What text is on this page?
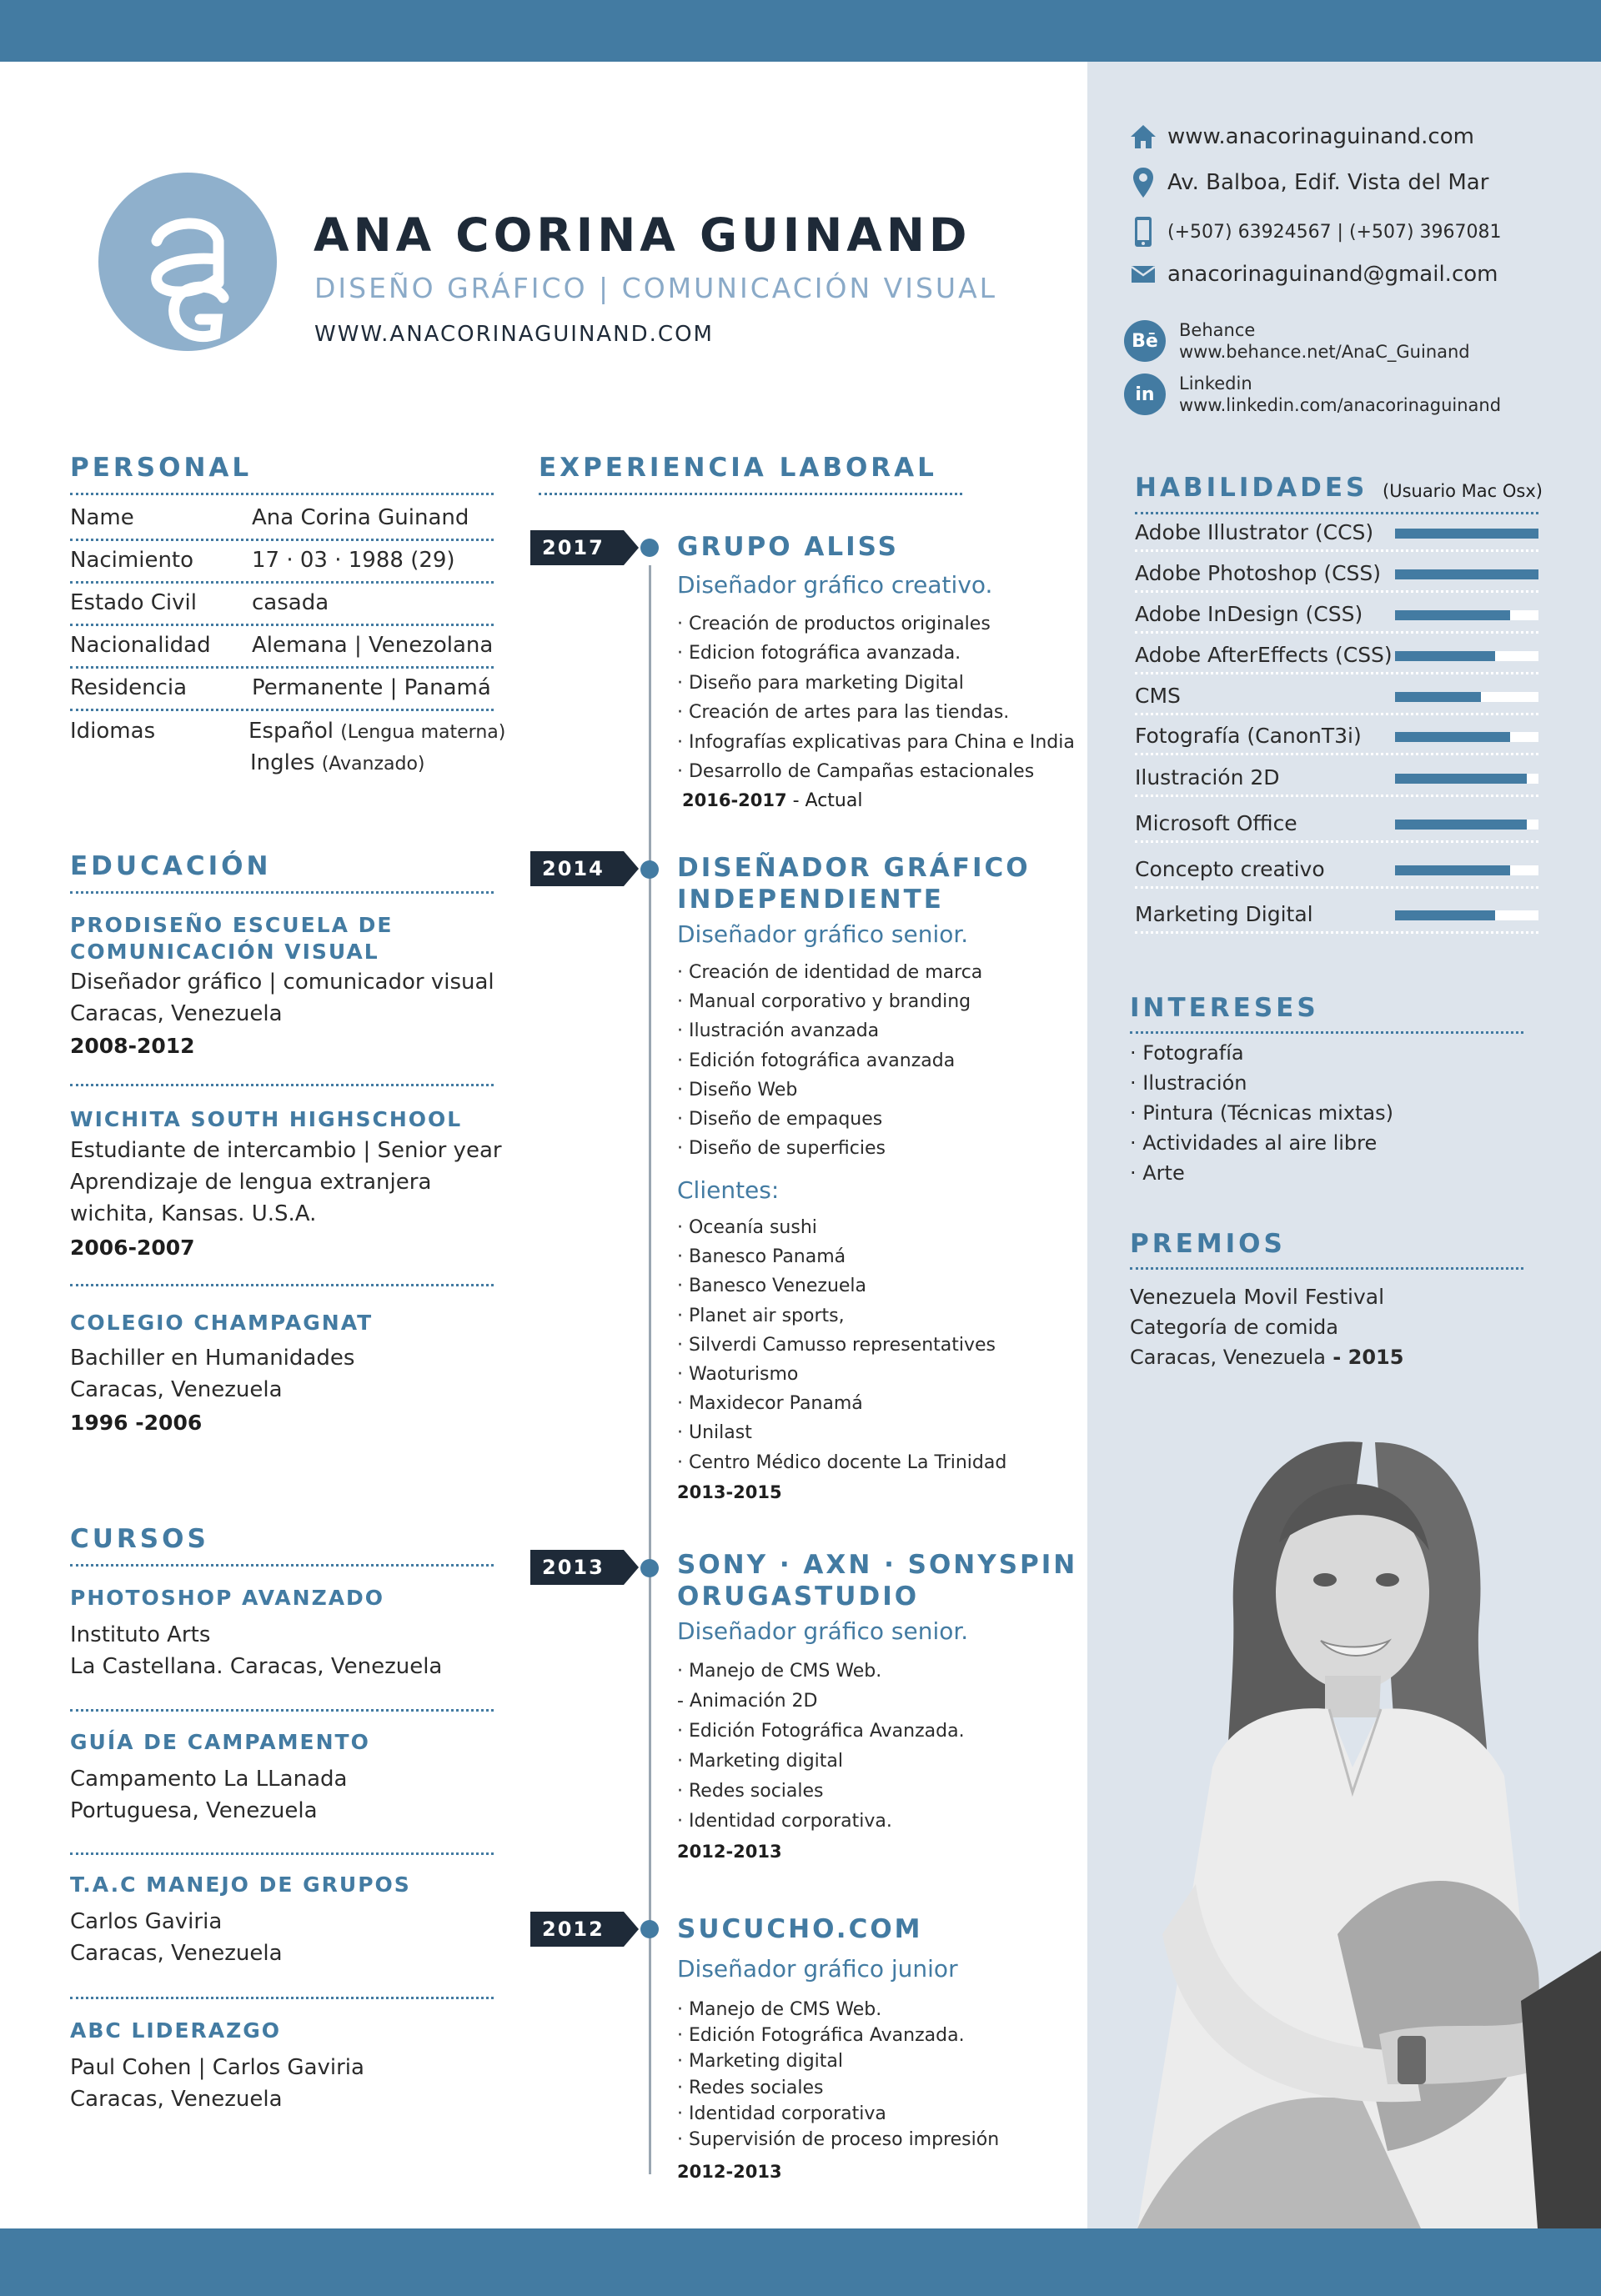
ANA CORINA GUINAND
DISEÑO GRÁFICO | COMUNICACIÓN VISUAL
WWW.ANACORINAGUINAND.COM
www.anacorinaguinand.com
Av. Balboa, Edif. Vista del Mar
(+507) 63924567 | (+507) 3967081
anacorinaguinand@gmail.com
Bē
Behance
www.behance.net/AnaC_Guinand
in
Linkedin
www.linkedin.com/anacorinaguinand
PERSONAL
Name	Ana Corina Guinand
Nacimiento	17 · 03 · 1988 (29)
Estado Civil	casada
Nacionalidad Alemana | Venezolana
Residencia	Permanente | Panamá
Idiomas	Español (Lengua materna)
Ingles (Avanzado)
EDUCACIÓN
PRODISEÑO ESCUELA DE
COMUNICACIÓN VISUAL
Diseñador gráfico | comunicador visual
Caracas, Venezuela
2008-2012
WICHITA SOUTH HIGHSCHOOL
Estudiante de intercambio | Senior year
Aprendizaje de lengua extranjera
wichita, Kansas. U.S.A.
2006-2007
COLEGIO CHAMPAGNAT
Bachiller en Humanidades
Caracas, Venezuela
1996 -2006
CURSOS
PHOTOSHOP AVANZADO
Instituto Arts
La Castellana. Caracas, Venezuela
GUÍA DE CAMPAMENTO
Campamento La LLanada
Portuguesa, Venezuela
T.A.C MANEJO DE GRUPOS
Carlos Gaviria
Caracas, Venezuela
ABC LIDERAZGO
Paul Cohen | Carlos Gaviria
Caracas, Venezuela
EXPERIENCIA LABORAL
2017	GRUPO ALISS
Diseñador gráfico creativo.
· Creación de productos originales
· Edicion fotográfica avanzada.
· Diseño para marketing Digital
· Creación de artes para las tiendas.
· Infografías explicativas para China e India
· Desarrollo de Campañas estacionales
2016-2017 - Actual
2014	DISEÑADOR GRÁFICO
INDEPENDIENTE
Diseñador gráfico senior.
· Creación de identidad de marca
· Manual corporativo y branding
· Ilustración avanzada
· Edición fotográfica avanzada
· Diseño Web
· Diseño de empaques
· Diseño de superficies
Clientes:
· Oceanía sushi
· Banesco Panamá
· Banesco Venezuela
· Planet air sports,
· Silverdi Camusso representatives
· Waoturismo
· Maxidecor Panamá
· Unilast
· Centro Médico docente La Trinidad
2013-2015
2013	SONY · AXN · SONYSPIN
ORUGASTUDIO
Diseñador gráfico senior.
· Manejo de CMS Web.
- Animación 2D
· Edición Fotográfica Avanzada.
· Marketing digital
· Redes sociales
· Identidad corporativa.
2012-2013
2012	SUCUCHO.COM
Diseñador gráfico junior
· Manejo de CMS Web.
· Edición Fotográfica Avanzada.
· Marketing digital
· Redes sociales
· Identidad corporativa
· Supervisión de proceso impresión
2012-2013
HABILIDADES (Usuario Mac Osx)
Adobe Illustrator (CCS)
Adobe Photoshop (CSS)
Adobe InDesign (CSS)
Adobe AfterEffects (CSS)
CMS
Fotografía (CanonT3i)
Ilustración 2D
Microsoft Office
Concepto creativo
Marketing Digital
INTERESES
· Fotografía
· Ilustración
· Pintura (Técnicas mixtas)
· Actividades al aire libre
· Arte
PREMIOS
Venezuela Movil Festival
Categoría de comida
Caracas, Venezuela - 2015
